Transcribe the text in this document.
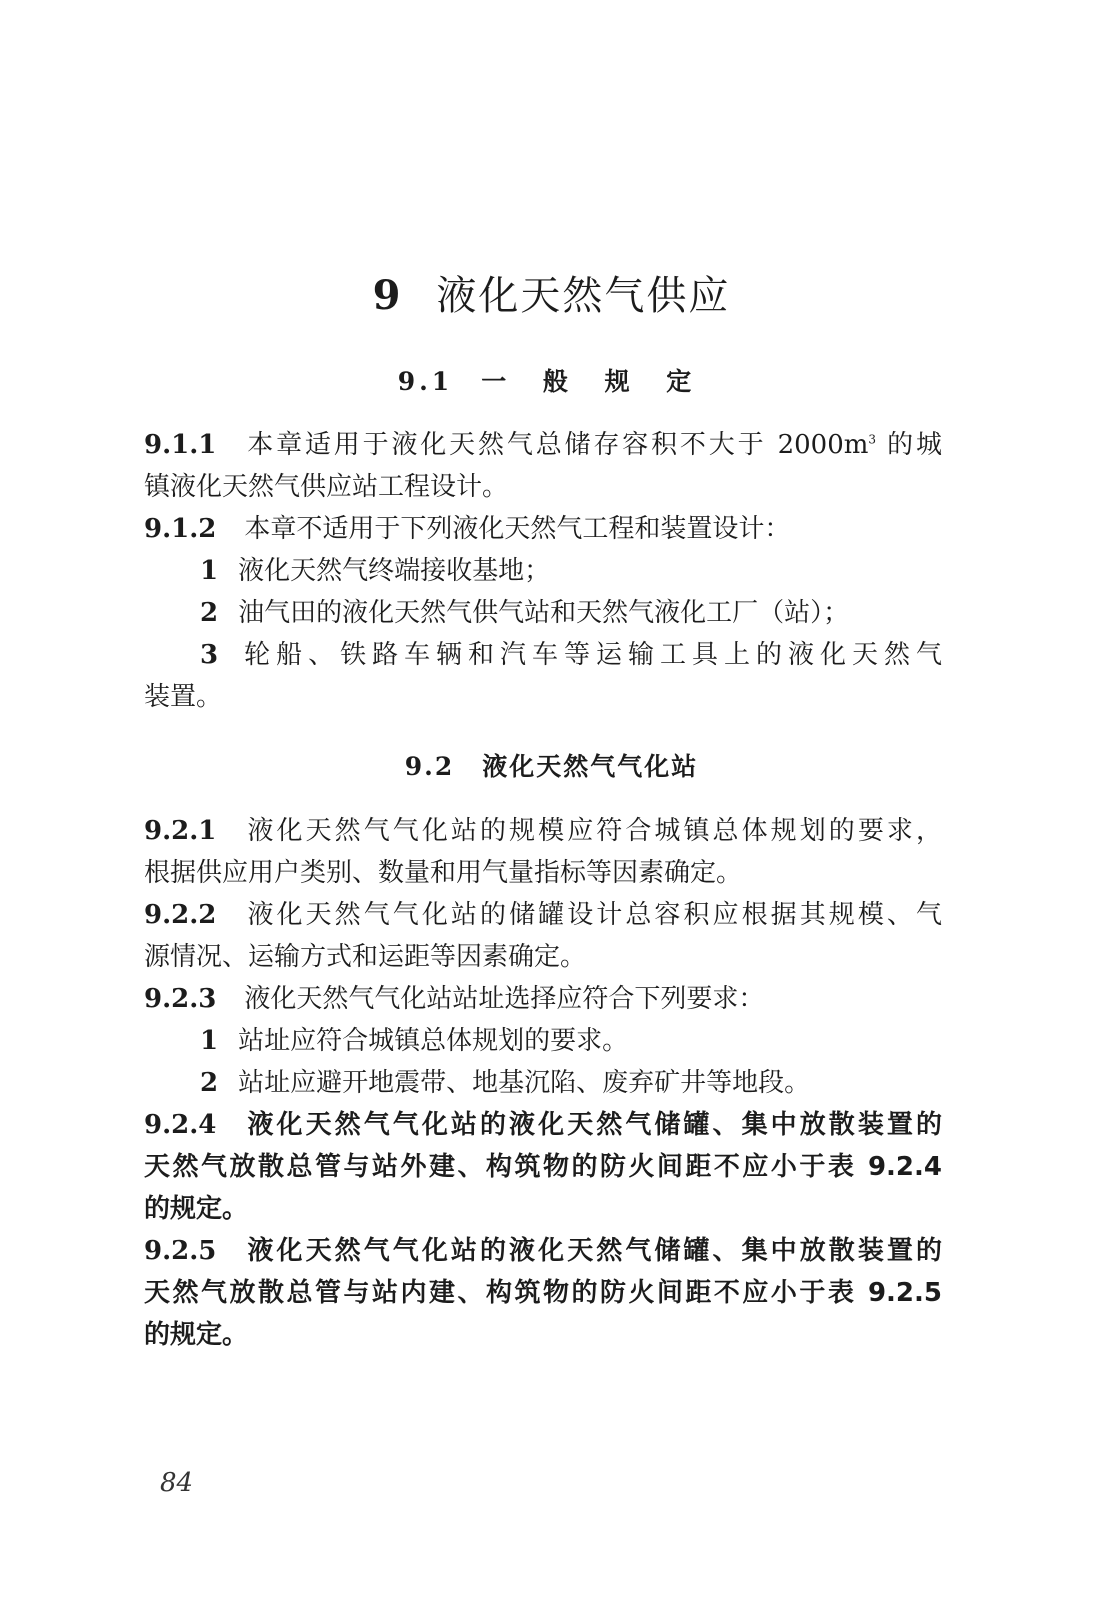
9 液化天然气供应
9.1 一 般 规 定
9.1.1 本章适用于液化天然气总储存容积不大于 $2000m^3$ 的城
镇液化天然气供应站工程设计。
9.1.2 本章不适用于下列液化天然气工程和装置设计：
1 液化天然气终端接收基地；
2 油气田的液化天然气供气站和天然气液化工厂（站）；
3 轮船、铁路车辆和汽车等运输工具上的液化天然气
装置。
9.2 液化天然气气化站
9.2.1 液化天然气气化站的规模应符合城镇总体规划的要求，
根据供应用户类别、数量和用气量指标等因素确定。
9.2.2 液化天然气气化站的储罐设计总容积应根据其规模、气
源情况、运输方式和运距等因素确定。
9.2.3 液化天然气气化站站址选择应符合下列要求：
1 站址应符合城镇总体规划的要求。
2 站址应避开地震带、地基沉陷、废弃矿井等地段。
9.2.4 液化天然气气化站的液化天然气储罐、集中放散装置的
天然气放散总管与站外建、构筑物的防火间距不应小于表 9.2.4
的规定。
9.2.5 液化天然气气化站的液化天然气储罐、集中放散装置的
天然气放散总管与站内建、构筑物的防火间距不应小于表 9.2.5
的规定。
84
